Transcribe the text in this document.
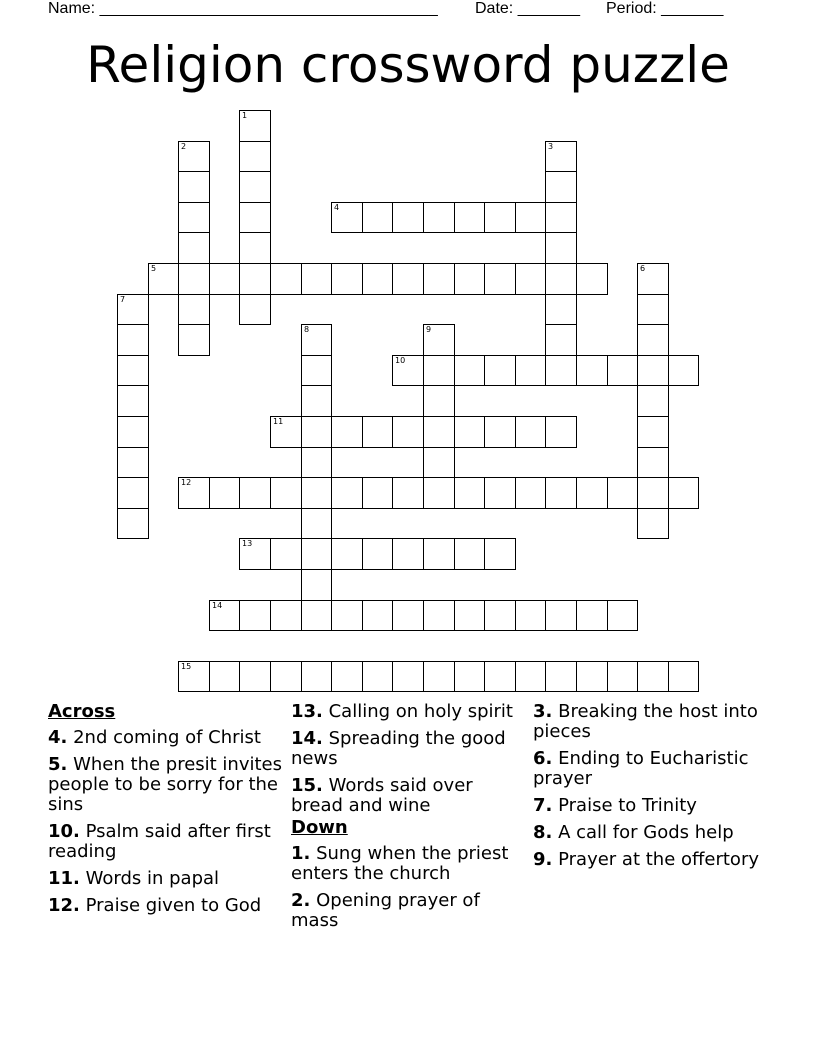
Name: ______________________________________ Date: _______ Period: _______
Religion crossword puzzle
1
2	3
4
5	6
7
8	9
10
11
12
13
14
15
Across
4. 2nd coming of Christ
5. When the presit invites people to be sorry for the sins
10. Psalm said after first reading
11. Words in papal
12. Praise given to God
13. Calling on holy spirit
14. Spreading the good news
15. Words said over bread and wine
Down
1. Sung when the priest enters the church
2. Opening prayer of mass
3. Breaking the host into pieces
6. Ending to Eucharistic prayer
7. Praise to Trinity
8. A call for Gods help
9. Prayer at the offertory
